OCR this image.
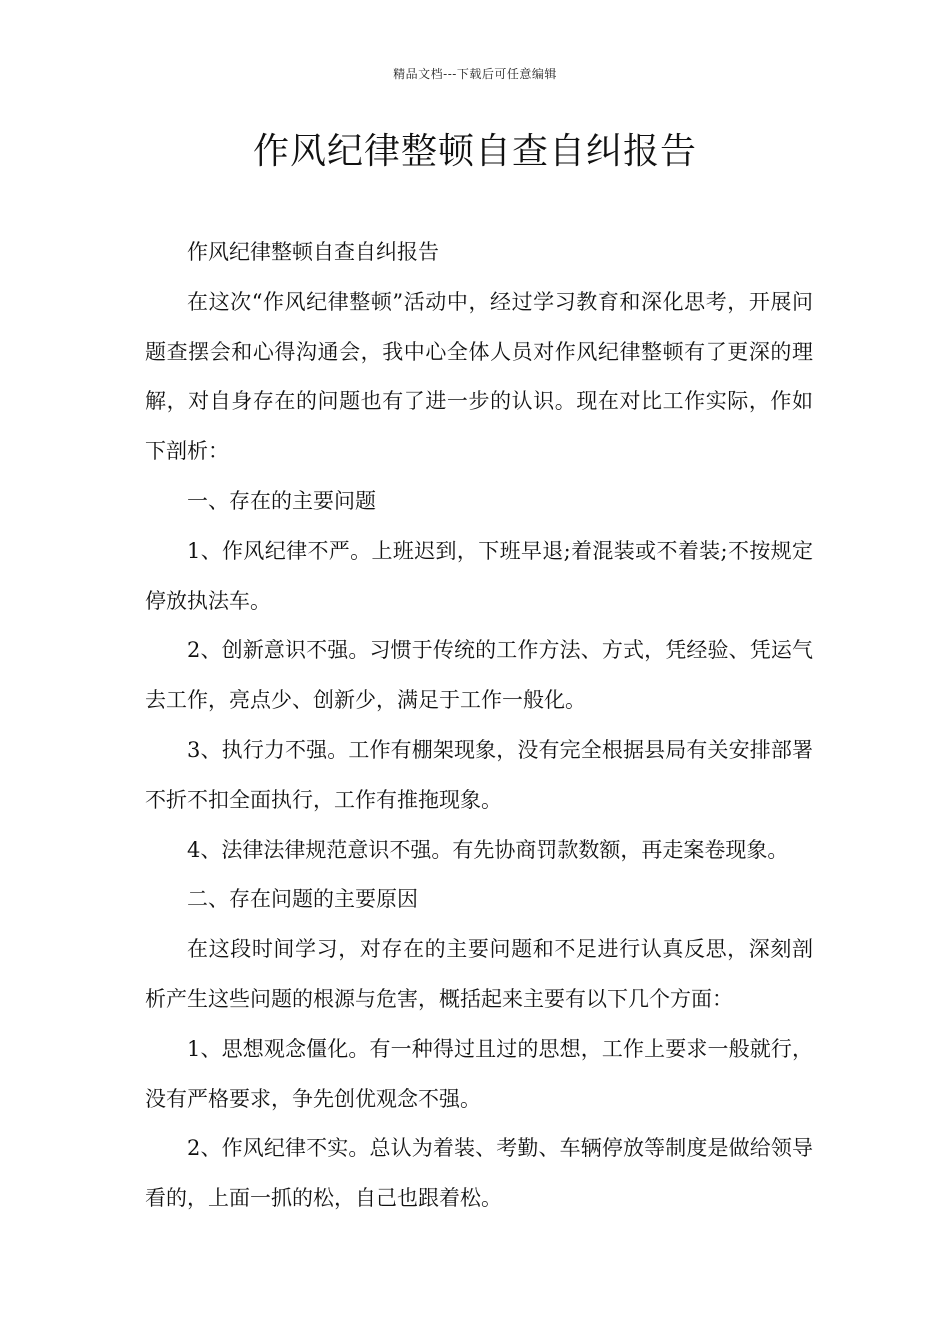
精品文档---下载后可任意编辑
作风纪律整顿自查自纠报告

作风纪律整顿自查自纠报告

在这次“作风纪律整顿”活动中，经过学习教育和深化思考，开展问题查摆会和心得沟通会，我中心全体人员对作风纪律整顿有了更深的理解，对自身存在的问题也有了进一步的认识。现在对比工作实际，作如下剖析：

一、存在的主要问题

1、作风纪律不严。上班迟到，下班早退;着混装或不着装;不按规定停放执法车。

2、创新意识不强。习惯于传统的工作方法、方式，凭经验、凭运气去工作，亮点少、创新少，满足于工作一般化。

3、执行力不强。工作有棚架现象，没有完全根据县局有关安排部署不折不扣全面执行，工作有推拖现象。

4、法律法律规范意识不强。有先协商罚款数额，再走案卷现象。

二、存在问题的主要原因

在这段时间学习，对存在的主要问题和不足进行认真反思，深刻剖析产生这些问题的根源与危害，概括起来主要有以下几个方面：

1、思想观念僵化。有一种得过且过的思想，工作上要求一般就行，没有严格要求，争先创优观念不强。

2、作风纪律不实。总认为着装、考勤、车辆停放等制度是做给领导看的，上面一抓的松，自己也跟着松。
